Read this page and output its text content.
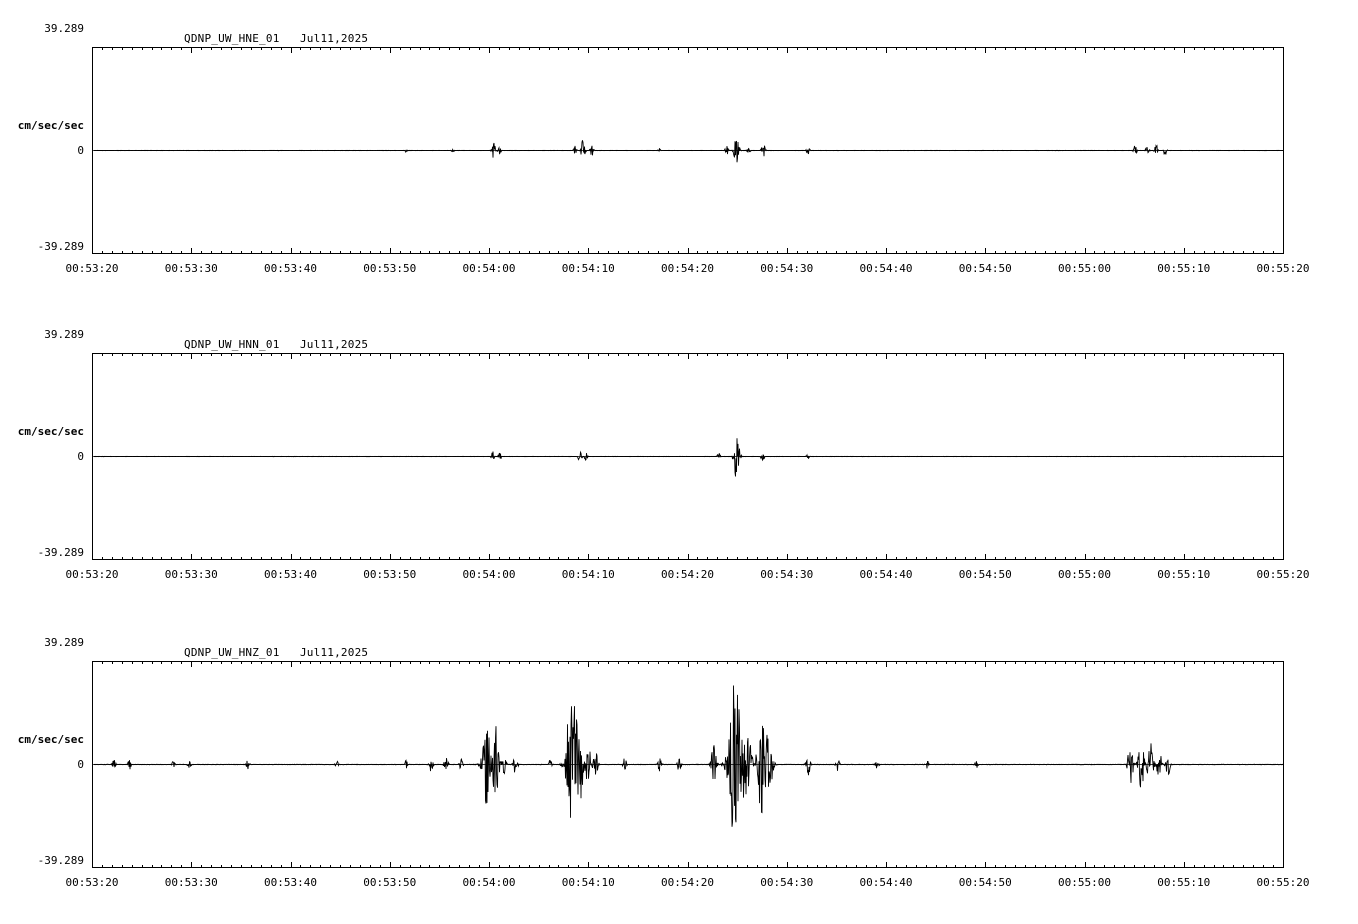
QDNP_UW_HNE_01   Jul11,2025
cm/sec/sec
39.289
0
-39.289
00:53:20	00:53:30	00:53:40	00:53:50	00:54:00	00:54:10	00:54:20	00:54:30	00:54:40	00:54:50	00:55:00	00:55:10	00:55:20
QDNP_UW_HNN_01   Jul11,2025
cm/sec/sec
39.289
0
-39.289
00:53:20	00:53:30	00:53:40	00:53:50	00:54:00	00:54:10	00:54:20	00:54:30	00:54:40	00:54:50	00:55:00	00:55:10	00:55:20
QDNP_UW_HNZ_01   Jul11,2025
cm/sec/sec
39.289
0
-39.289
00:53:20	00:53:30	00:53:40	00:53:50	00:54:00	00:54:10	00:54:20	00:54:30	00:54:40	00:54:50	00:55:00	00:55:10	00:55:20
